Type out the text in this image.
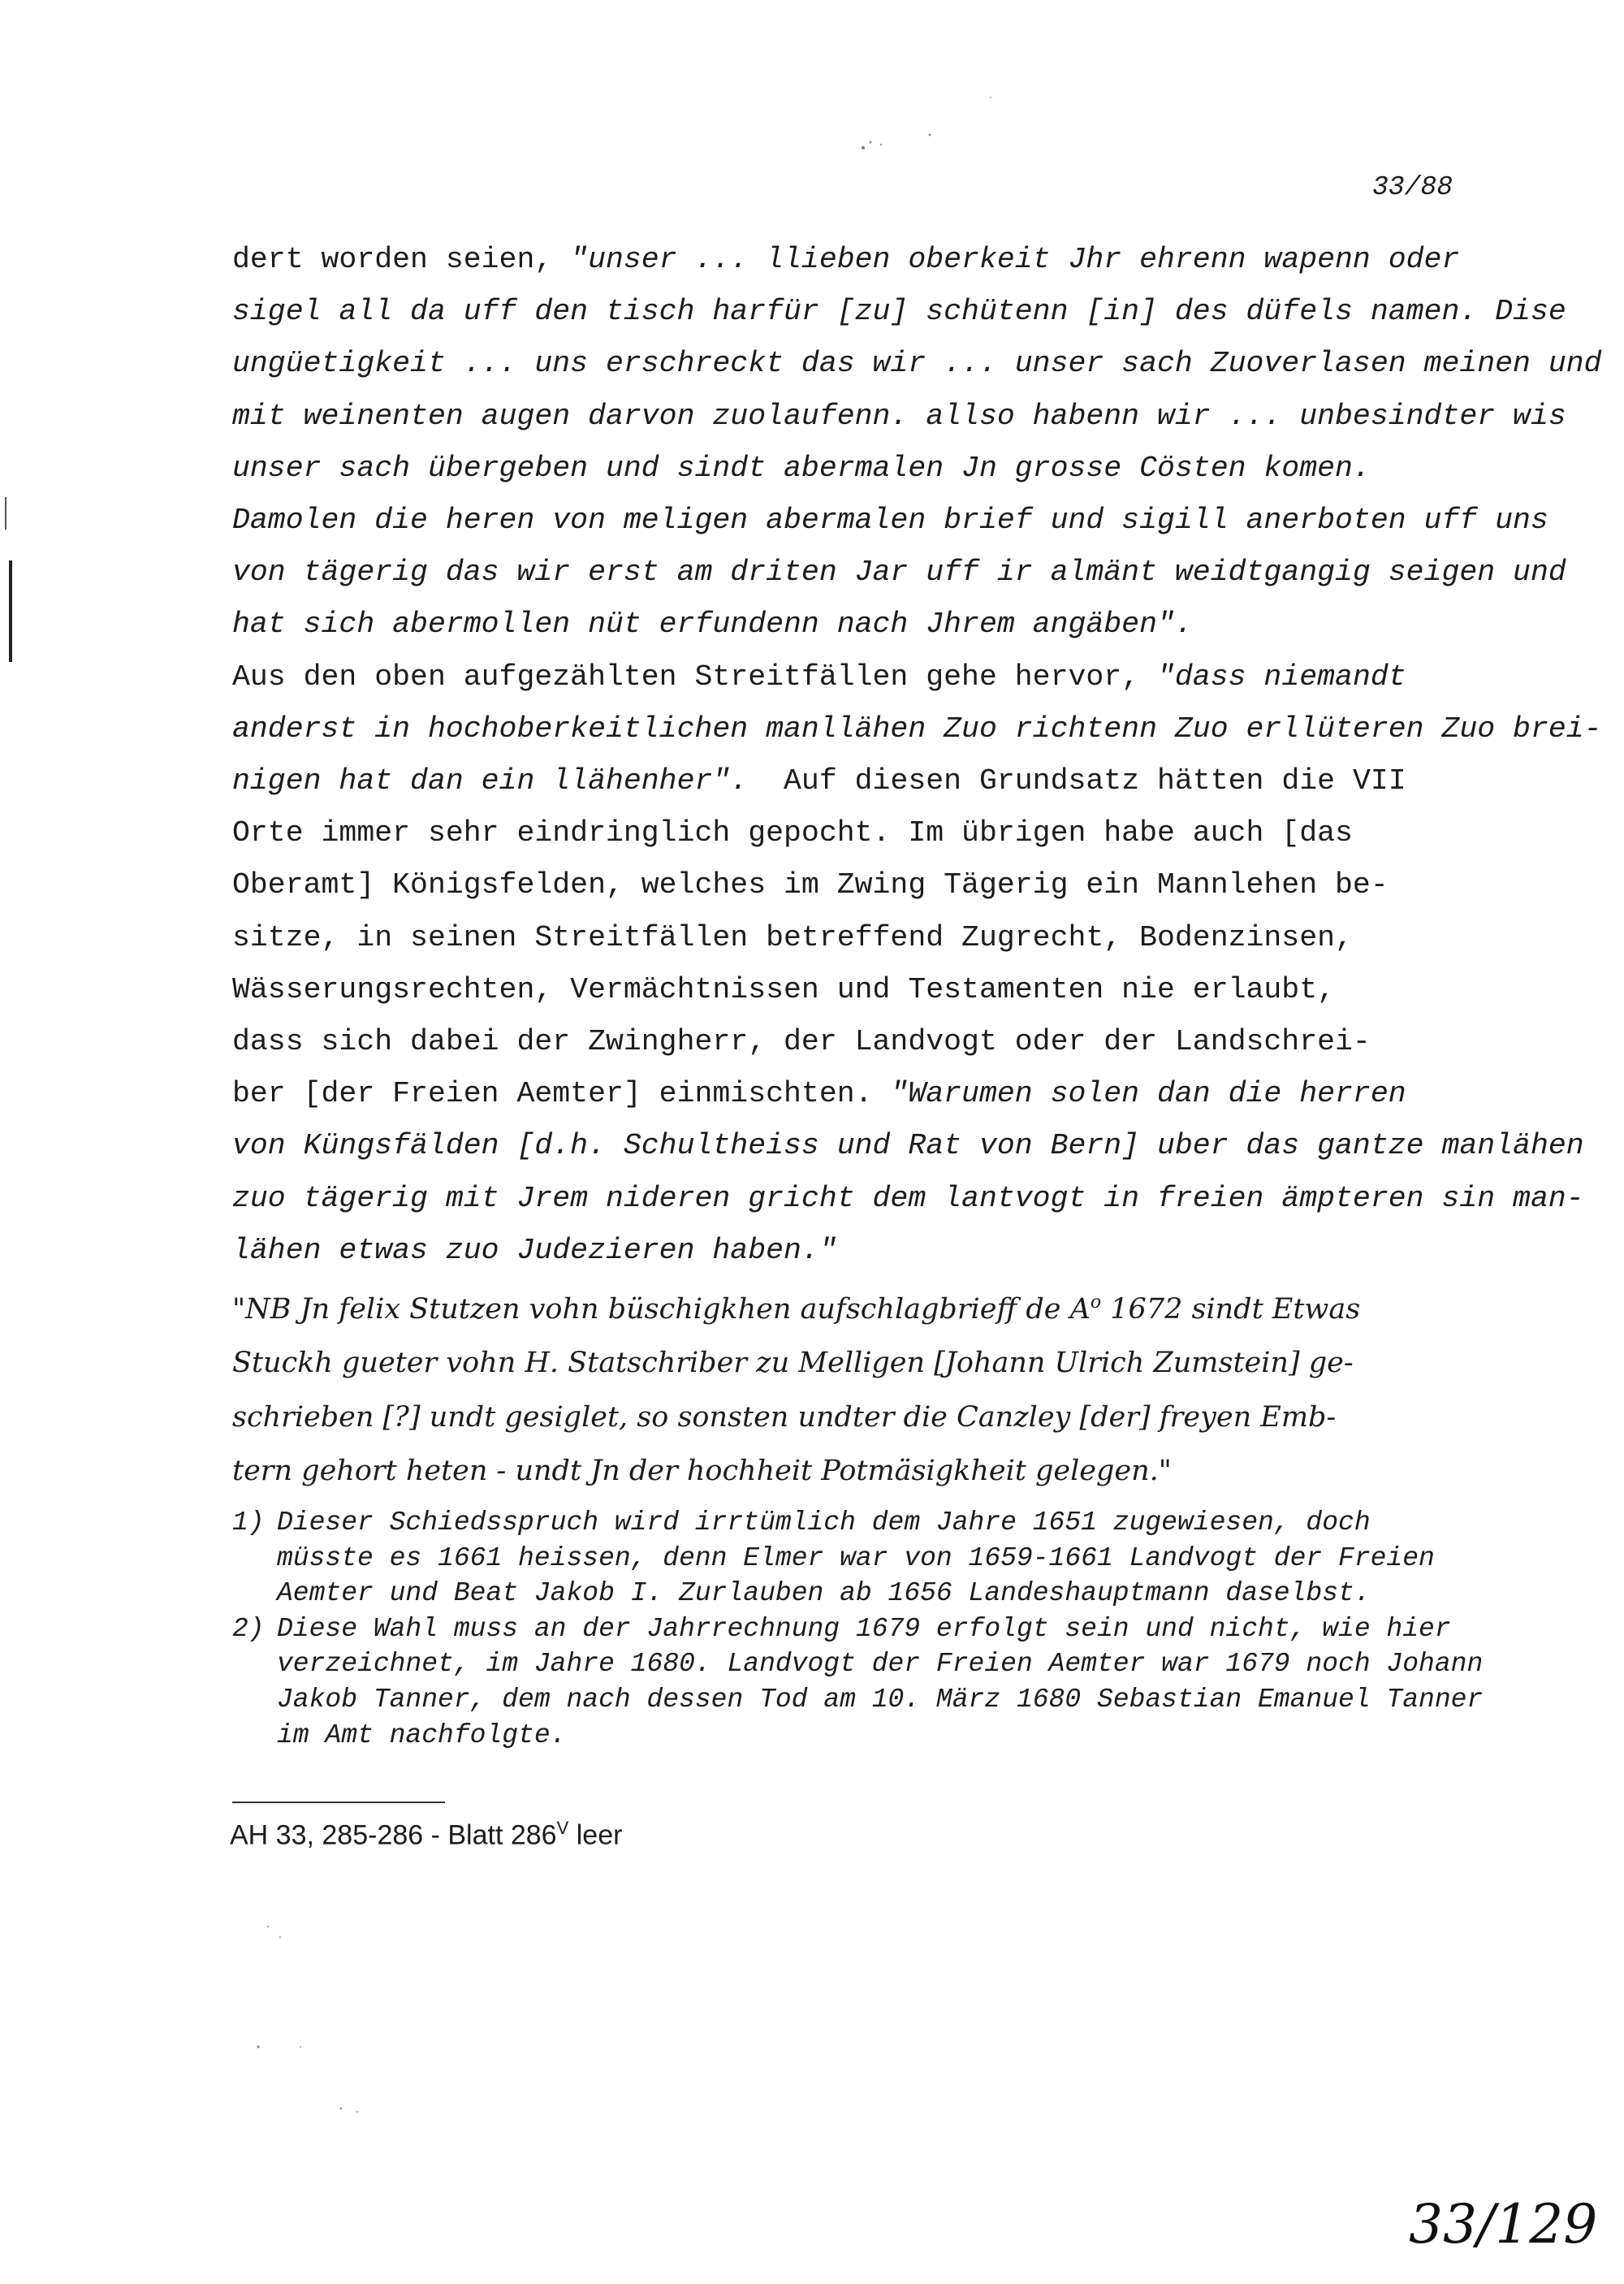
33/88
dert worden seien, "unser ... llieben oberkeit Jhr ehrenn wapenn oder
sigel all da uff den tisch harfür [zu] schütenn [in] des düfels namen. Dise
ungüetigkeit ... uns erschreckt das wir ... unser sach Zuoverlasen meinen und
mit weinenten augen darvon zuolaufenn. allso habenn wir ... unbesindter wis
unser sach übergeben und sindt abermalen Jn grosse Cösten komen.
Damolen die heren von meligen abermalen brief und sigill anerboten uff uns
von tägerig das wir erst am driten Jar uff ir almänt weidtgangig seigen und
hat sich abermollen nüt erfundenn nach Jhrem angäben".
Aus den oben aufgezählten Streitfällen gehe hervor, "dass niemandt
anderst in hochoberkeitlichen manllähen Zuo richtenn Zuo erllüteren Zuo brei-
nigen hat dan ein llähenher".  Auf diesen Grundsatz hätten die VII
Orte immer sehr eindringlich gepocht. Im übrigen habe auch [das
Oberamt] Königsfelden, welches im Zwing Tägerig ein Mannlehen be-
sitze, in seinen Streitfällen betreffend Zugrecht, Bodenzinsen,
Wässerungsrechten, Vermächtnissen und Testamenten nie erlaubt,
dass sich dabei der Zwingherr, der Landvogt oder der Landschrei-
ber [der Freien Aemter] einmischten. "Warumen solen dan die herren
von Küngsfälden [d.h. Schultheiss und Rat von Bern] uber das gantze manlähen
zuo tägerig mit Jrem nideren gricht dem lantvogt in freien ämpteren sin man-
lähen etwas zuo Judezieren haben."
"NB Jn felix Stutzen vohn büschigkhen aufschlagbrieff de $A^o$ 1672 sindt Etwas
Stuckh gueter vohn H. Statschriber zu Melligen [Johann Ulrich Zumstein] ge-
schrieben [?] undt gesiglet, so sonsten undter die Canzley [der] freyen Emb-
tern gehort heten - undt Jn der hochheit Potmäsigkheit gelegen."
1) Dieser Schiedsspruch wird irrtümlich dem Jahre 1651 zugewiesen, doch
müsste es 1661 heissen, denn Elmer war von 1659-1661 Landvogt der Freien
Aemter und Beat Jakob I. Zurlauben ab 1656 Landeshauptmann daselbst.
2) Diese Wahl muss an der Jahrrechnung 1679 erfolgt sein und nicht, wie hier
verzeichnet, im Jahre 1680. Landvogt der Freien Aemter war 1679 noch Johann
Jakob Tanner, dem nach dessen Tod am 10. März 1680 Sebastian Emanuel Tanner
im Amt nachfolgte.
AH 33, 285-286 - Blatt $286^V$ leer
33/129
